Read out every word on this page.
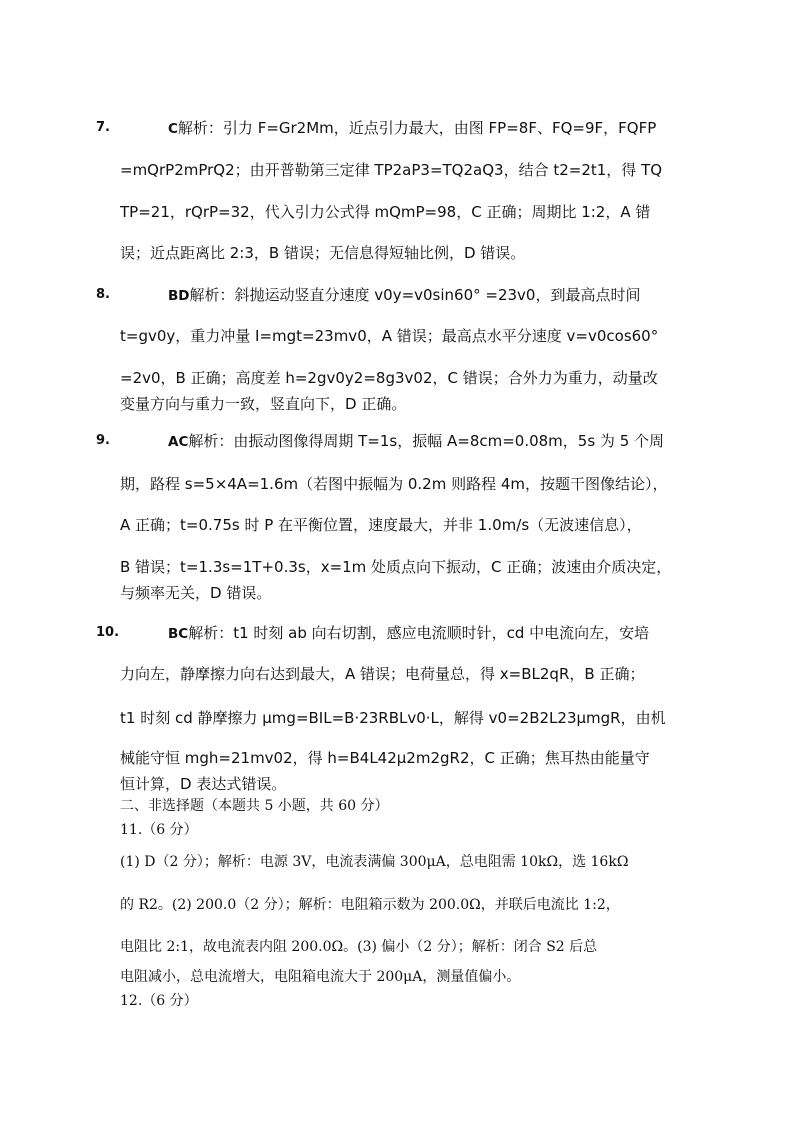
7.	C解析：引力 F=Gr2Mm，近点引力最大，由图 FP=8F、FQ=9F，FQFP
=mQrP2mPrQ2；由开普勒第三定律 TP2aP3=TQ2aQ3，结合 t2=2t1，得 TQ
TP=21，rQrP=32，代入引力公式得 mQmP=98，C 正确；周期比 1:2，A 错
误；近点距离比 2:3，B 错误；无信息得短轴比例，D 错误。
8.	BD解析：斜抛运动竖直分速度 v0y=v0sin60° =23v0，到最高点时间
t=gv0y，重力冲量 I=mgt=23mv0，A 错误；最高点水平分速度 v=v0cos60°
=2v0，B 正确；高度差 h=2gv0y2=8g3v02，C 错误；合外力为重力，动量改
变量方向与重力一致，竖直向下，D 正确。
9.	AC解析：由振动图像得周期 T=1s，振幅 A=8cm=0.08m，5s 为 5 个周
期，路程 s=5×4A=1.6m（若图中振幅为 0.2m 则路程 4m，按题干图像结论），
A 正确；t=0.75s 时 P 在平衡位置，速度最大，并非 1.0m/s（无波速信息），
B 错误；t=1.3s=1T+0.3s，x=1m 处质点向下振动，C 正确；波速由介质决定，
与频率无关，D 错误。
10.	BC解析：t1 时刻 ab 向右切割，感应电流顺时针，cd 中电流向左，安培
力向左，静摩擦力向右达到最大，A 错误；电荷量总，得 x=BL2qR，B 正确；
t1 时刻 cd 静摩擦力 μmg=BIL=B·23RBLv0·L，解得 v0=2B2L23μmgR，由机
械能守恒 mgh=21mv02，得 h=B4L42μ2m2gR2，C 正确；焦耳热由能量守
恒计算，D 表达式错误。
二、非选择题（本题共 5 小题，共 60 分）
11.（6 分）
(1) D（2 分）；解析：电源 3V，电流表满偏 300μA，总电阻需 10kΩ，选 16kΩ
的 R2。(2) 200.0（2 分）；解析：电阻箱示数为 200.0Ω，并联后电流比 1:2，
电阻比 2:1，故电流表内阻 200.0Ω。(3) 偏小（2 分）；解析：闭合 S2 后总
电阻减小，总电流增大，电阻箱电流大于 200μA，测量值偏小。
12.（6 分）
